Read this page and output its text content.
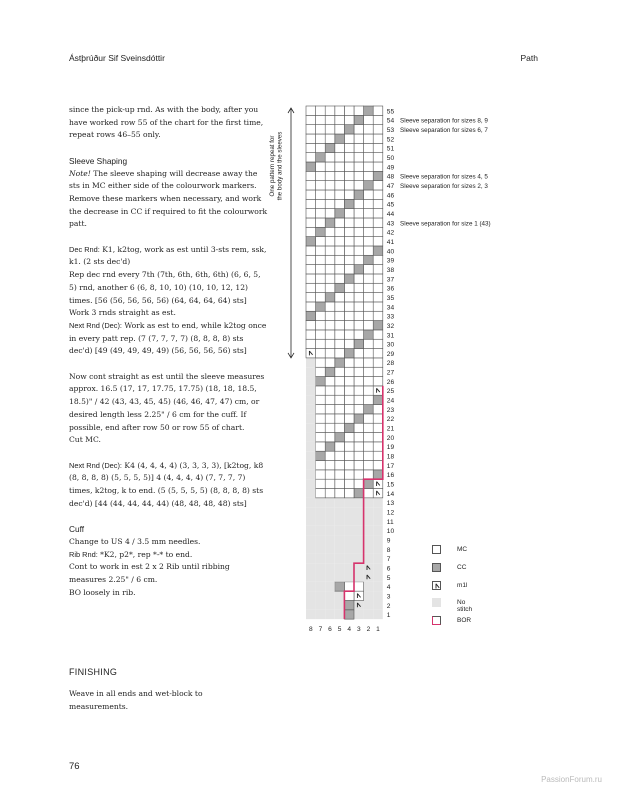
Ástþrúður Sif Sveinsdóttir	Path

since the pick-up rnd. As with the body, after you have worked row 55 of the chart for the first time, repeat rows 46–55 only.

Sleeve Shaping

Note! The sleeve shaping will decrease away the sts in MC either side of the colourwork markers. Remove these markers when necessary, and work the decrease in CC if required to fit the colourwork patt.

Dec Rnd: K1, k2tog, work as est until 3-sts rem, ssk, k1. (2 sts dec'd)

Rep dec rnd every 7th (7th, 6th, 6th, 6th) (6, 6, 5, 5) rnd, another 6 (6, 8, 10, 10) (10, 10, 12, 12) times. [56 (56, 56, 56, 56) (64, 64, 64, 64) sts]

Work 3 rnds straight as est.

Next Rnd (Dec): Work as est to end, while k2tog once in every patt rep. (7 (7, 7, 7, 7) (8, 8, 8, 8) sts dec'd) [49 (49, 49, 49, 49) (56, 56, 56, 56) sts]

Now cont straight as est until the sleeve measures approx. 16.5 (17, 17, 17.75, 17.75) (18, 18, 18.5, 18.5)" / 42 (43, 43, 45, 45) (46, 46, 47, 47) cm, or desired length less 2.25" / 6 cm for the cuff. If possible, end after row 50 or row 55 of chart.

Cut MC.

Next Rnd (Dec): K4 (4, 4, 4, 4) (3, 3, 3, 3), [k2tog, k8 (8, 8, 8, 8) (5, 5, 5, 5)] 4 (4, 4, 4, 4) (7, 7, 7, 7) times, k2tog, k to end. (5 (5, 5, 5, 5) (8, 8, 8, 8) sts dec'd) [44 (44, 44, 44, 44) (48, 48, 48, 48) sts]

Cuff

Change to US 4 / 3.5 mm needles.

Rib Rnd: *K2, p2*, rep *-* to end.

Cont to work in est 2 x 2 Rib until ribbing measures 2.25" / 6 cm.

BO loosely in rib.

FINISHING

Weave in all ends and wet-block to measurements.

76
PassionForum.ru
1
2
3
4
5
6
7
8
9
10
11
12
13
14
15
16
17
18
19
20
21
22
23
24
25
26
27
28
29
30
31
32
33
34
35
36
37
38
39
40
41
42
43
44
45
46
47
48
49
50
51
52
53
54
55
8 7 6 5 4 3 2 1
Sleeve separation for sizes 8, 9
Sleeve separation for sizes 6, 7
Sleeve separation for sizes 4, 5
Sleeve separation for sizes 2, 3
Sleeve separation for size 1 (43)
One pattern repeat forthe body and the sleeves
MC
CC
m1l
No stitch
BOR
